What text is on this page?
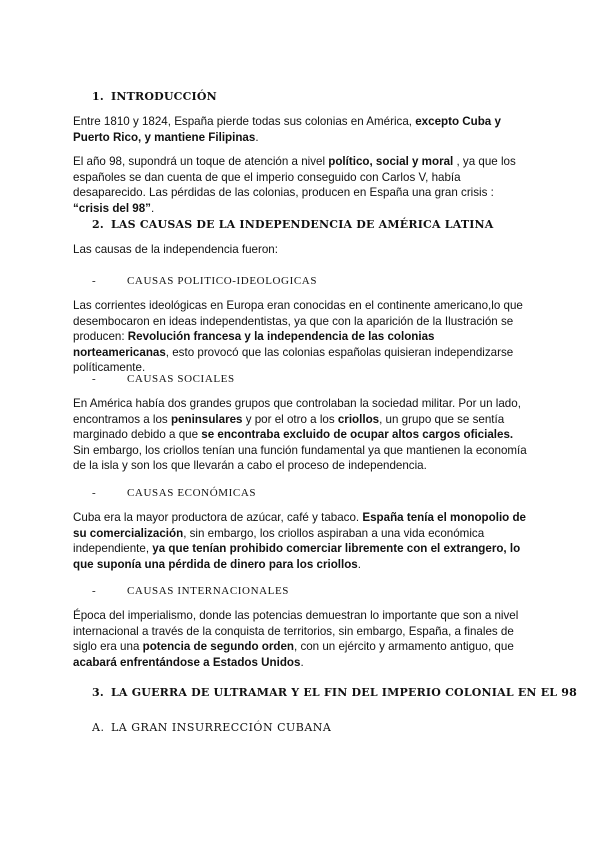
1. INTRODUCCIÓN
Entre 1810 y 1824, España pierde todas sus colonias en América, excepto Cuba y Puerto Rico, y mantiene Filipinas.
El año 98, supondrá un toque de atención a nivel político, social y moral , ya que los españoles se dan cuenta de que el imperio conseguido con Carlos V, había desaparecido. Las pérdidas de las colonias, producen en España una gran crisis : “crisis del 98”.
2. LAS CAUSAS DE LA INDEPENDENCIA DE AMÉRICA LATINA
Las causas de la independencia fueron:
-	CAUSAS POLITICO-IDEOLOGICAS
Las corrientes ideológicas en Europa eran conocidas en el continente americano,lo que desembocaron en ideas independentistas, ya que con la aparición de la Ilustración se producen: Revolución francesa y la independencia de las colonias norteamericanas, esto provocó que las colonias españolas quisieran independizarse políticamente.
-	CAUSAS SOCIALES
En América había dos grandes grupos que controlaban la sociedad militar. Por un lado, encontramos a los peninsulares y por el otro a los criollos, un grupo que se sentía marginado debido a que se encontraba excluido de ocupar altos cargos oficiales. Sin embargo, los criollos tenían una función fundamental ya que mantienen la economía de la isla y son los que llevarán a cabo el proceso de independencia.
-	CAUSAS ECONÓMICAS
Cuba era la mayor productora de azúcar, café y tabaco. España tenía el monopolio de su comercialización, sin embargo, los criollos aspiraban a una vida económica independiente, ya que tenían prohibido comerciar libremente con el extrangero, lo que suponía una pérdida de dinero para los criollos.
-	CAUSAS INTERNACIONALES
Época del imperialismo, donde las potencias demuestran lo importante que son a nivel internacional a través de la conquista de territorios, sin embargo, España, a finales de siglo era una potencia de segundo orden, con un ejército y armamento antiguo, que acabará enfrentándose a Estados Unidos.
3. LA GUERRA DE ULTRAMAR Y EL FIN DEL IMPERIO COLONIAL EN EL 98
A. LA GRAN INSURRECCIÓN CUBANA
